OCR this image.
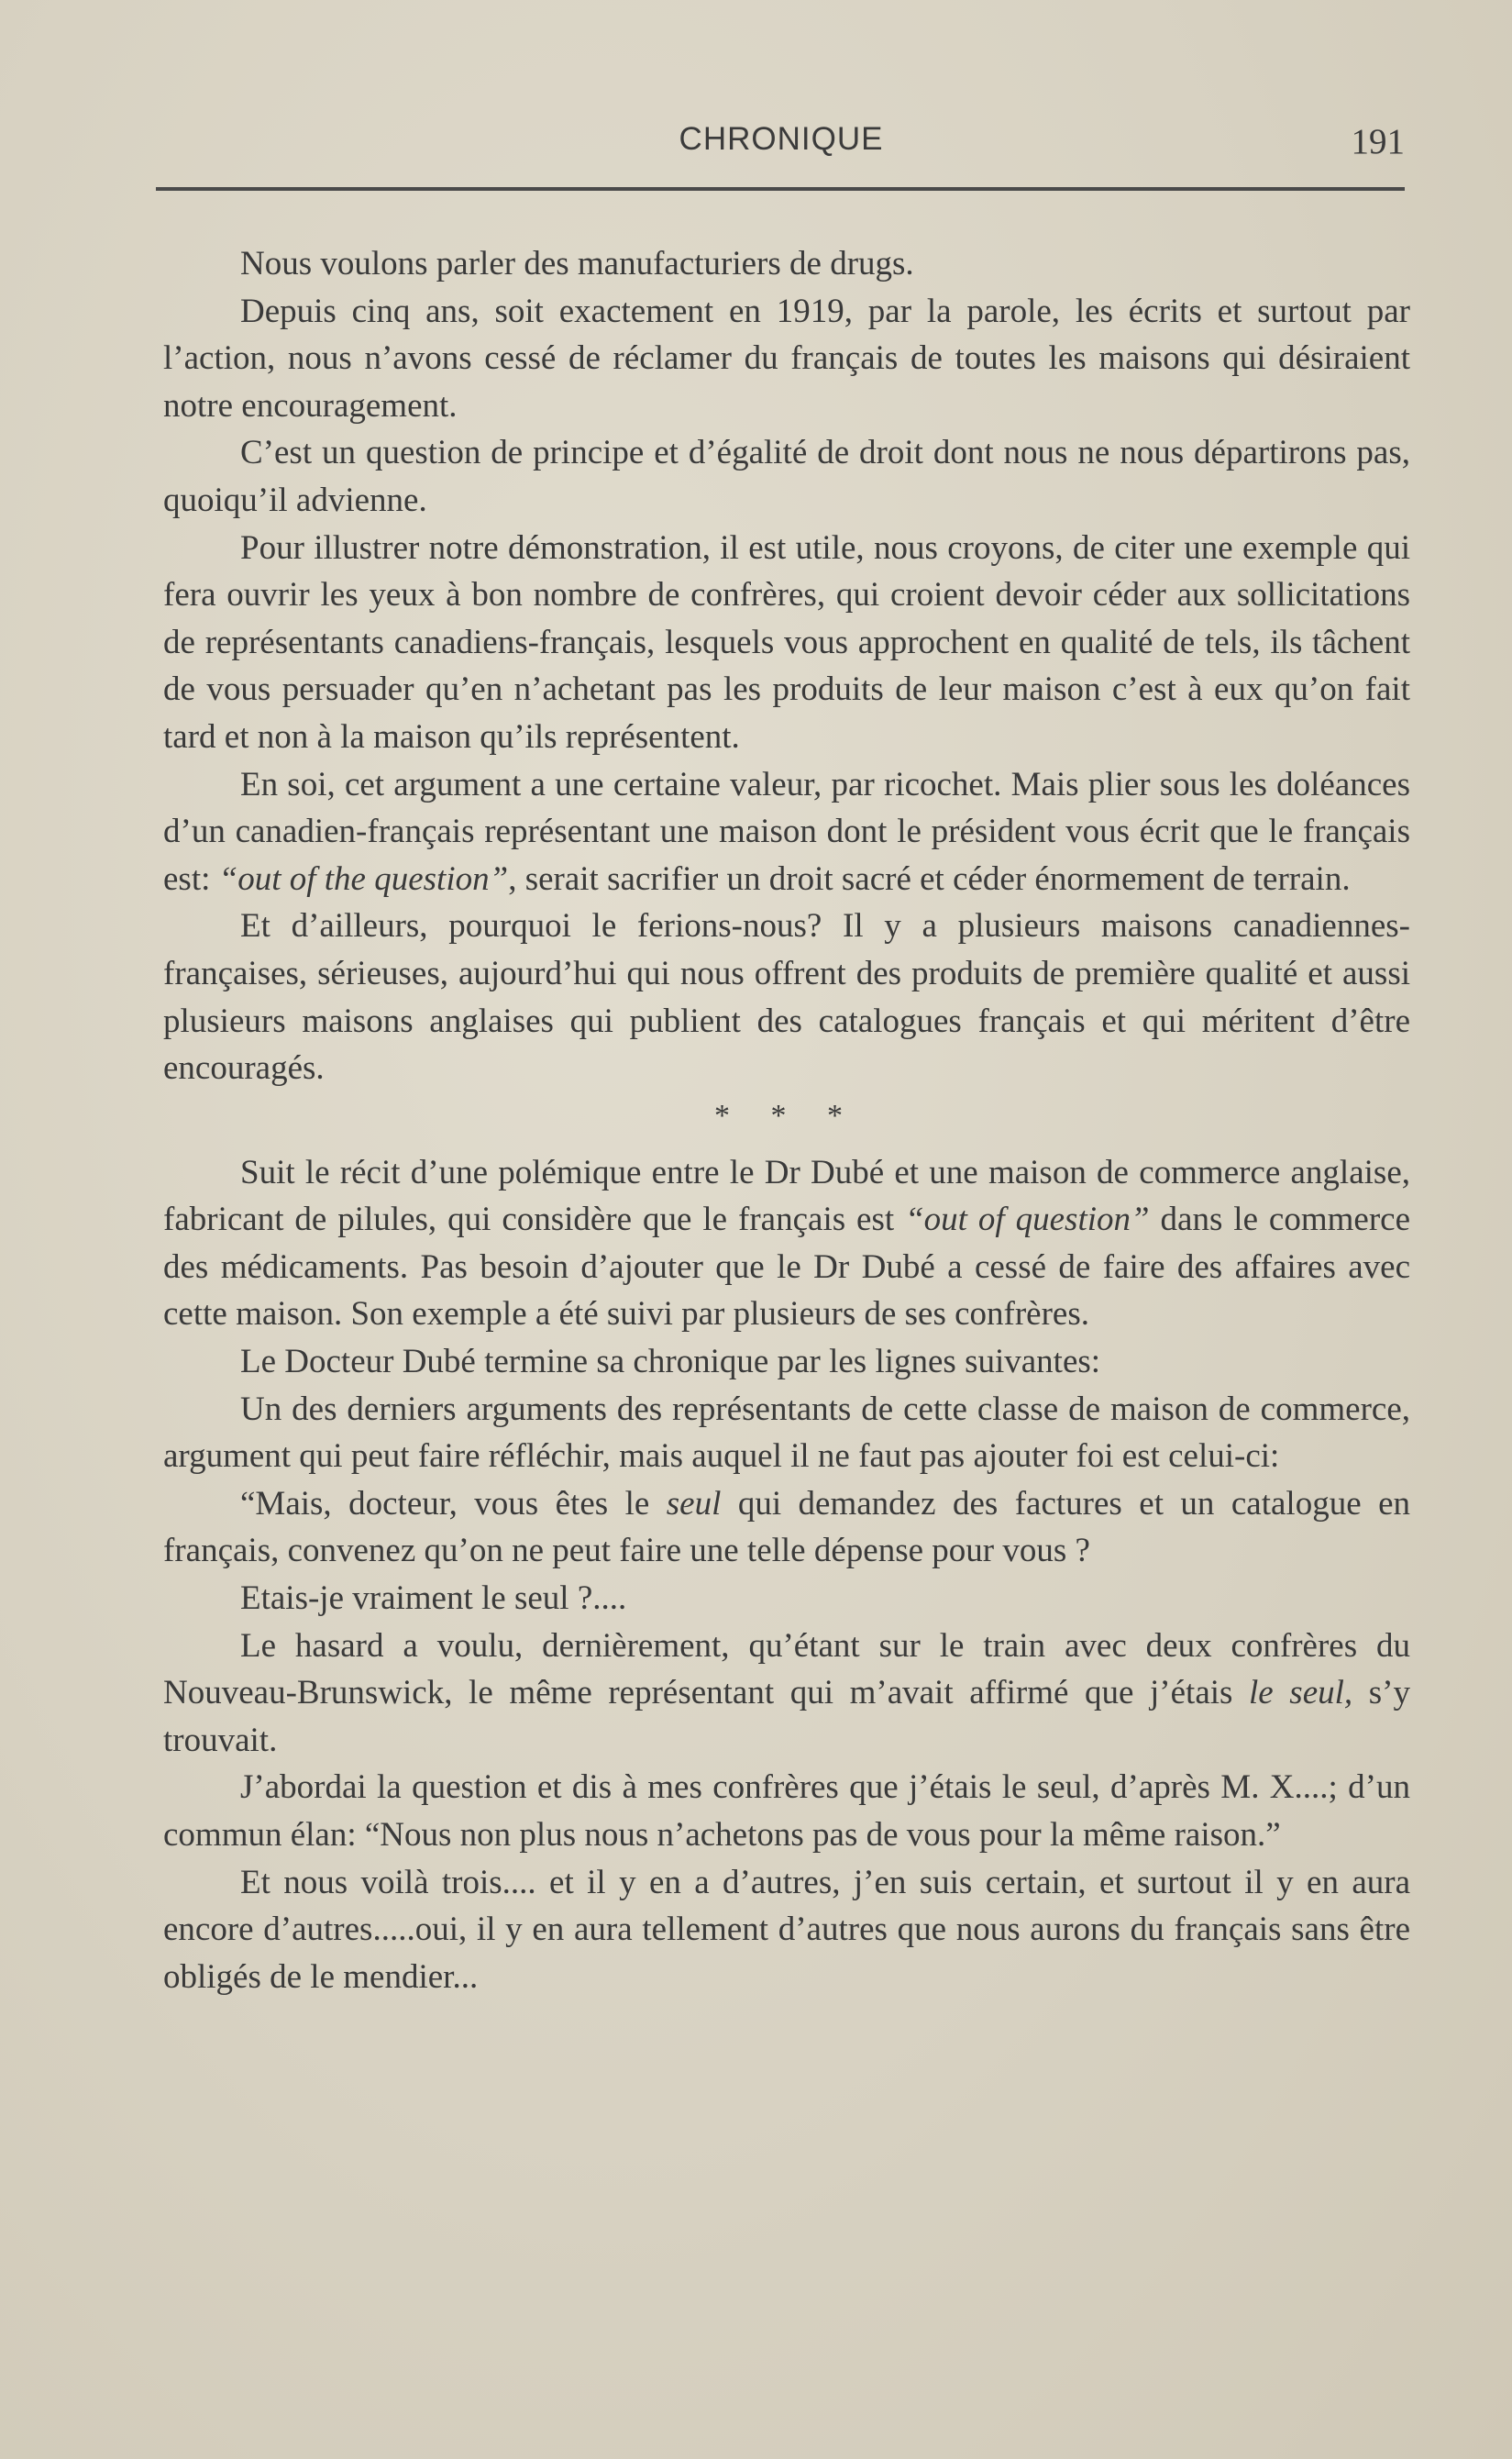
CHRONIQUE	191

Nous voulons parler des manufacturiers de drugs.

Depuis cinq ans, soit exactement en 1919, par la parole, les écrits et surtout par l’action, nous n’avons cessé de réclamer du français de toutes les maisons qui désiraient notre encouragement.

C’est un question de principe et d’égalité de droit dont nous ne nous départirons pas, quoiqu’il advienne.

Pour illustrer notre démonstration, il est utile, nous croyons, de citer une exemple qui fera ouvrir les yeux à bon nombre de confrères, qui croient devoir céder aux sollicitations de représentants canadiens-français, lesquels vous approchent en qualité de tels, ils tâchent de vous persuader qu’en n’achetant pas les produits de leur maison c’est à eux qu’on fait tard et non à la maison qu’ils représentent.

En soi, cet argument a une certaine valeur, par ricochet. Mais plier sous les doléances d’un canadien-français représentant une maison dont le président vous écrit que le français est: “out of the question”, serait sacrifier un droit sacré et céder énormement de terrain.

Et d’ailleurs, pourquoi le ferions-nous? Il y a plusieurs maisons canadiennes-françaises, sérieuses, aujourd’hui qui nous offrent des produits de première qualité et aussi plusieurs maisons anglaises qui publient des catalogues français et qui méritent d’être encouragés.

* * *

Suit le récit d’une polémique entre le Dr Dubé et une maison de commerce anglaise, fabricant de pilules, qui considère que le français est “out of question” dans le commerce des médicaments. Pas besoin d’ajouter que le Dr Dubé a cessé de faire des affaires avec cette maison. Son exemple a été suivi par plusieurs de ses confrères.

Le Docteur Dubé termine sa chronique par les lignes suivantes:

Un des derniers arguments des représentants de cette classe de maison de commerce, argument qui peut faire réfléchir, mais auquel il ne faut pas ajouter foi est celui-ci:

“Mais, docteur, vous êtes le seul qui demandez des factures et un catalogue en français, convenez qu’on ne peut faire une telle dépense pour vous ?

Etais-je vraiment le seul ?....

Le hasard a voulu, dernièrement, qu’étant sur le train avec deux confrères du Nouveau-Brunswick, le même représentant qui m’avait affirmé que j’étais le seul, s’y trouvait.

J’abordai la question et dis à mes confrères que j’étais le seul, d’après M. X....; d’un commun élan: “Nous non plus nous n’achetons pas de vous pour la même raison.”

Et nous voilà trois.... et il y en a d’autres, j’en suis certain, et surtout il y en aura encore d’autres.....oui, il y en aura tellement d’autres que nous aurons du français sans être obligés de le mendier...
